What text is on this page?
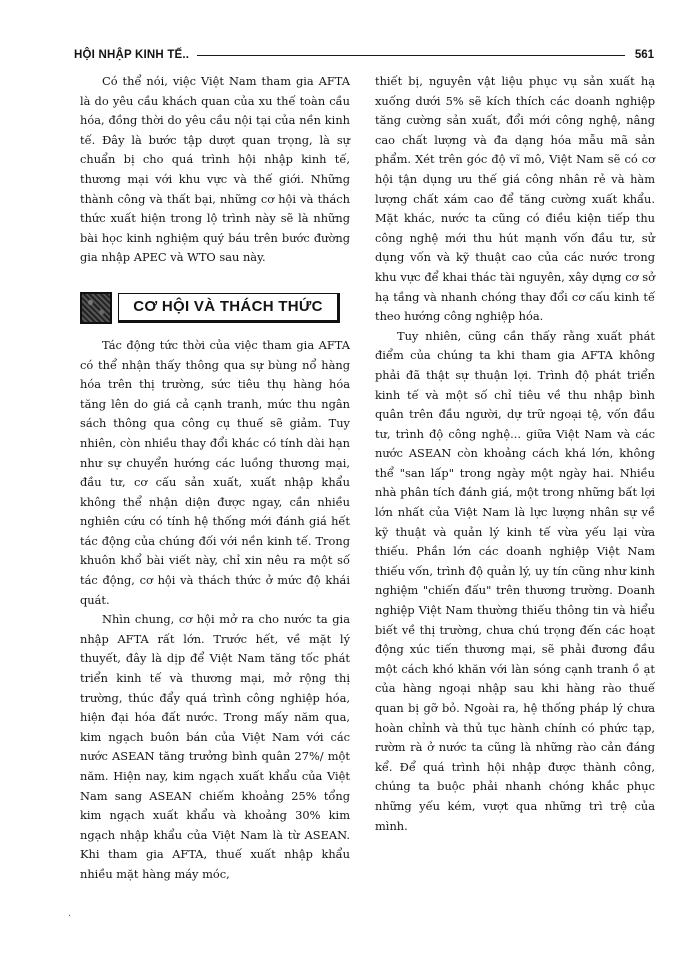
HỘI NHẬP KINH TẾ..	561

Có thể nói, việc Việt Nam tham gia AFTA là do yêu cầu khách quan của xu thế toàn cầu hóa, đồng thời do yêu cầu nội tại của nền kinh tế. Đây là bước tập dượt quan trọng, là sự chuẩn bị cho quá trình hội nhập kinh tế, thương mại với khu vực và thế giới. Những thành công và thất bại, những cơ hội và thách thức xuất hiện trong lộ trình này sẽ là những bài học kinh nghiệm quý báu trên bước đường gia nhập APEC và WTO sau này.

CƠ HỘI VÀ THÁCH THỨC

Tác động tức thời của việc tham gia AFTA có thể nhận thấy thông qua sự bùng nổ hàng hóa trên thị trường, sức tiêu thụ hàng hóa tăng lên do giá cả cạnh tranh, mức thu ngân sách thông qua công cụ thuế sẽ giảm. Tuy nhiên, còn nhiều thay đổi khác có tính dài hạn như sự chuyển hướng các luồng thương mại, đầu tư, cơ cấu sản xuất, xuất nhập khẩu không thể nhận diện được ngay, cần nhiều nghiên cứu có tính hệ thống mới đánh giá hết tác động của chúng đối với nền kinh tế. Trong khuôn khổ bài viết này, chỉ xin nêu ra một số tác động, cơ hội và thách thức ở mức độ khái quát.

Nhìn chung, cơ hội mở ra cho nước ta gia nhập AFTA rất lớn. Trước hết, về mặt lý thuyết, đây là dịp để Việt Nam tăng tốc phát triển kinh tế và thương mại, mở rộng thị trường, thúc đẩy quá trình công nghiệp hóa, hiện đại hóa đất nước. Trong mấy năm qua, kim ngạch buôn bán của Việt Nam với các nước ASEAN tăng trưởng bình quân 27%/ một năm. Hiện nay, kim ngạch xuất khẩu của Việt Nam sang ASEAN chiếm khoảng 25% tổng kim ngạch xuất khẩu và khoảng 30% kim ngạch nhập khẩu của Việt Nam là từ ASEAN. Khi tham gia AFTA, thuế xuất nhập khẩu nhiều mặt hàng máy móc,

thiết bị, nguyên vật liệu phục vụ sản xuất hạ xuống dưới 5% sẽ kích thích các doanh nghiệp tăng cường sản xuất, đổi mới công nghệ, nâng cao chất lượng và đa dạng hóa mẫu mã sản phẩm. Xét trên góc độ vĩ mô, Việt Nam sẽ có cơ hội tận dụng ưu thế giá công nhân rẻ và hàm lượng chất xám cao để tăng cường xuất khẩu. Mặt khác, nước ta cũng có điều kiện tiếp thu công nghệ mới thu hút mạnh vốn đầu tư, sử dụng vốn và kỹ thuật cao của các nước trong khu vực để khai thác tài nguyên, xây dựng cơ sở hạ tầng và nhanh chóng thay đổi cơ cấu kinh tế theo hướng công nghiệp hóa.

Tuy nhiên, cũng cần thấy rằng xuất phát điểm của chúng ta khi tham gia AFTA không phải đã thật sự thuận lợi. Trình độ phát triển kinh tế và một số chỉ tiêu về thu nhập bình quân trên đầu người, dự trữ ngoại tệ, vốn đầu tư, trình độ công nghệ... giữa Việt Nam và các nước ASEAN còn khoảng cách khá lớn, không thể "san lấp" trong ngày một ngày hai. Nhiều nhà phân tích đánh giá, một trong những bất lợi lớn nhất của Việt Nam là lực lượng nhân sự về kỹ thuật và quản lý kinh tế vừa yếu lại vừa thiếu. Phần lớn các doanh nghiệp Việt Nam thiếu vốn, trình độ quản lý, uy tín cũng như kinh nghiệm "chiến đấu" trên thương trường. Doanh nghiệp Việt Nam thường thiếu thông tin và hiểu biết về thị trường, chưa chú trọng đến các hoạt động xúc tiến thương mại, sẽ phải đương đầu một cách khó khăn với làn sóng cạnh tranh ồ ạt của hàng ngoại nhập sau khi hàng rào thuế quan bị gỡ bỏ. Ngoài ra, hệ thống pháp lý chưa hoàn chỉnh và thủ tục hành chính có phức tạp, rườm rà ở nước ta cũng là những rào cản đáng kể. Để quá trình hội nhập được thành công, chúng ta buộc phải nhanh chóng khắc phục những yếu kém, vượt qua những trì trệ của mình.

.
